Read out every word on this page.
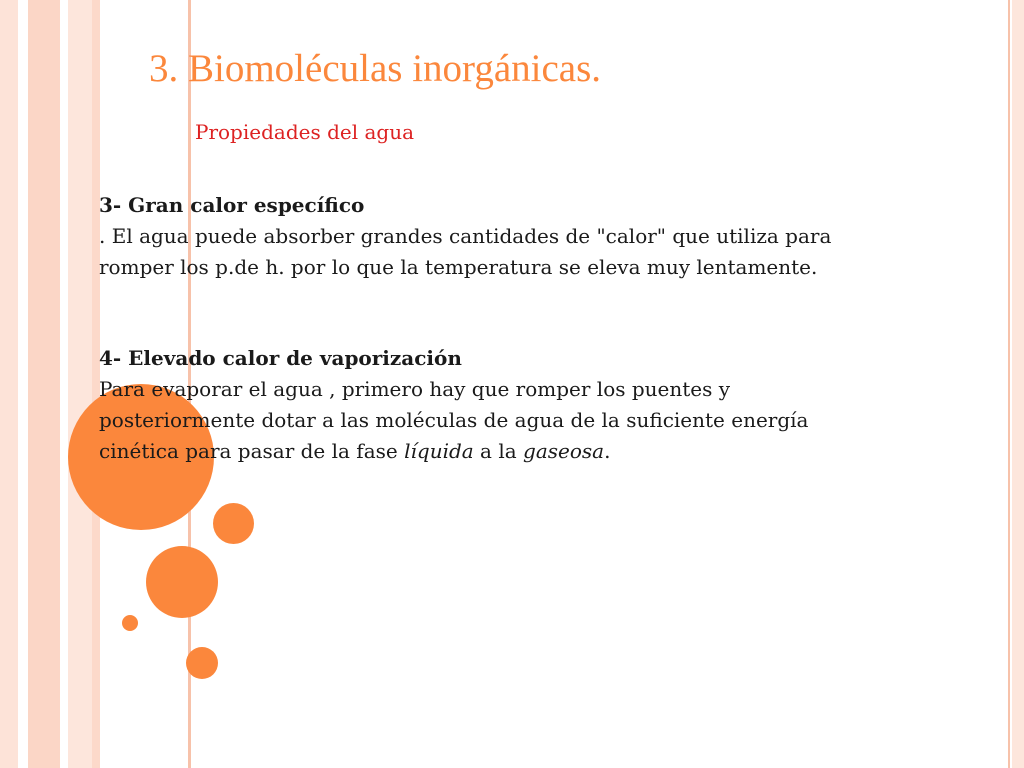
3. Biomoléculas inorgánicas.
Propiedades del agua
3- Gran calor específico
. El agua puede absorber grandes cantidades de "calor" que utiliza para
romper los p.de h. por lo que la temperatura se eleva muy lentamente.
4- Elevado calor de vaporización
Para evaporar el agua , primero hay que romper los puentes y
posteriormente dotar a las moléculas de agua de la suficiente energía
cinética para pasar de la fase líquida a la gaseosa.
